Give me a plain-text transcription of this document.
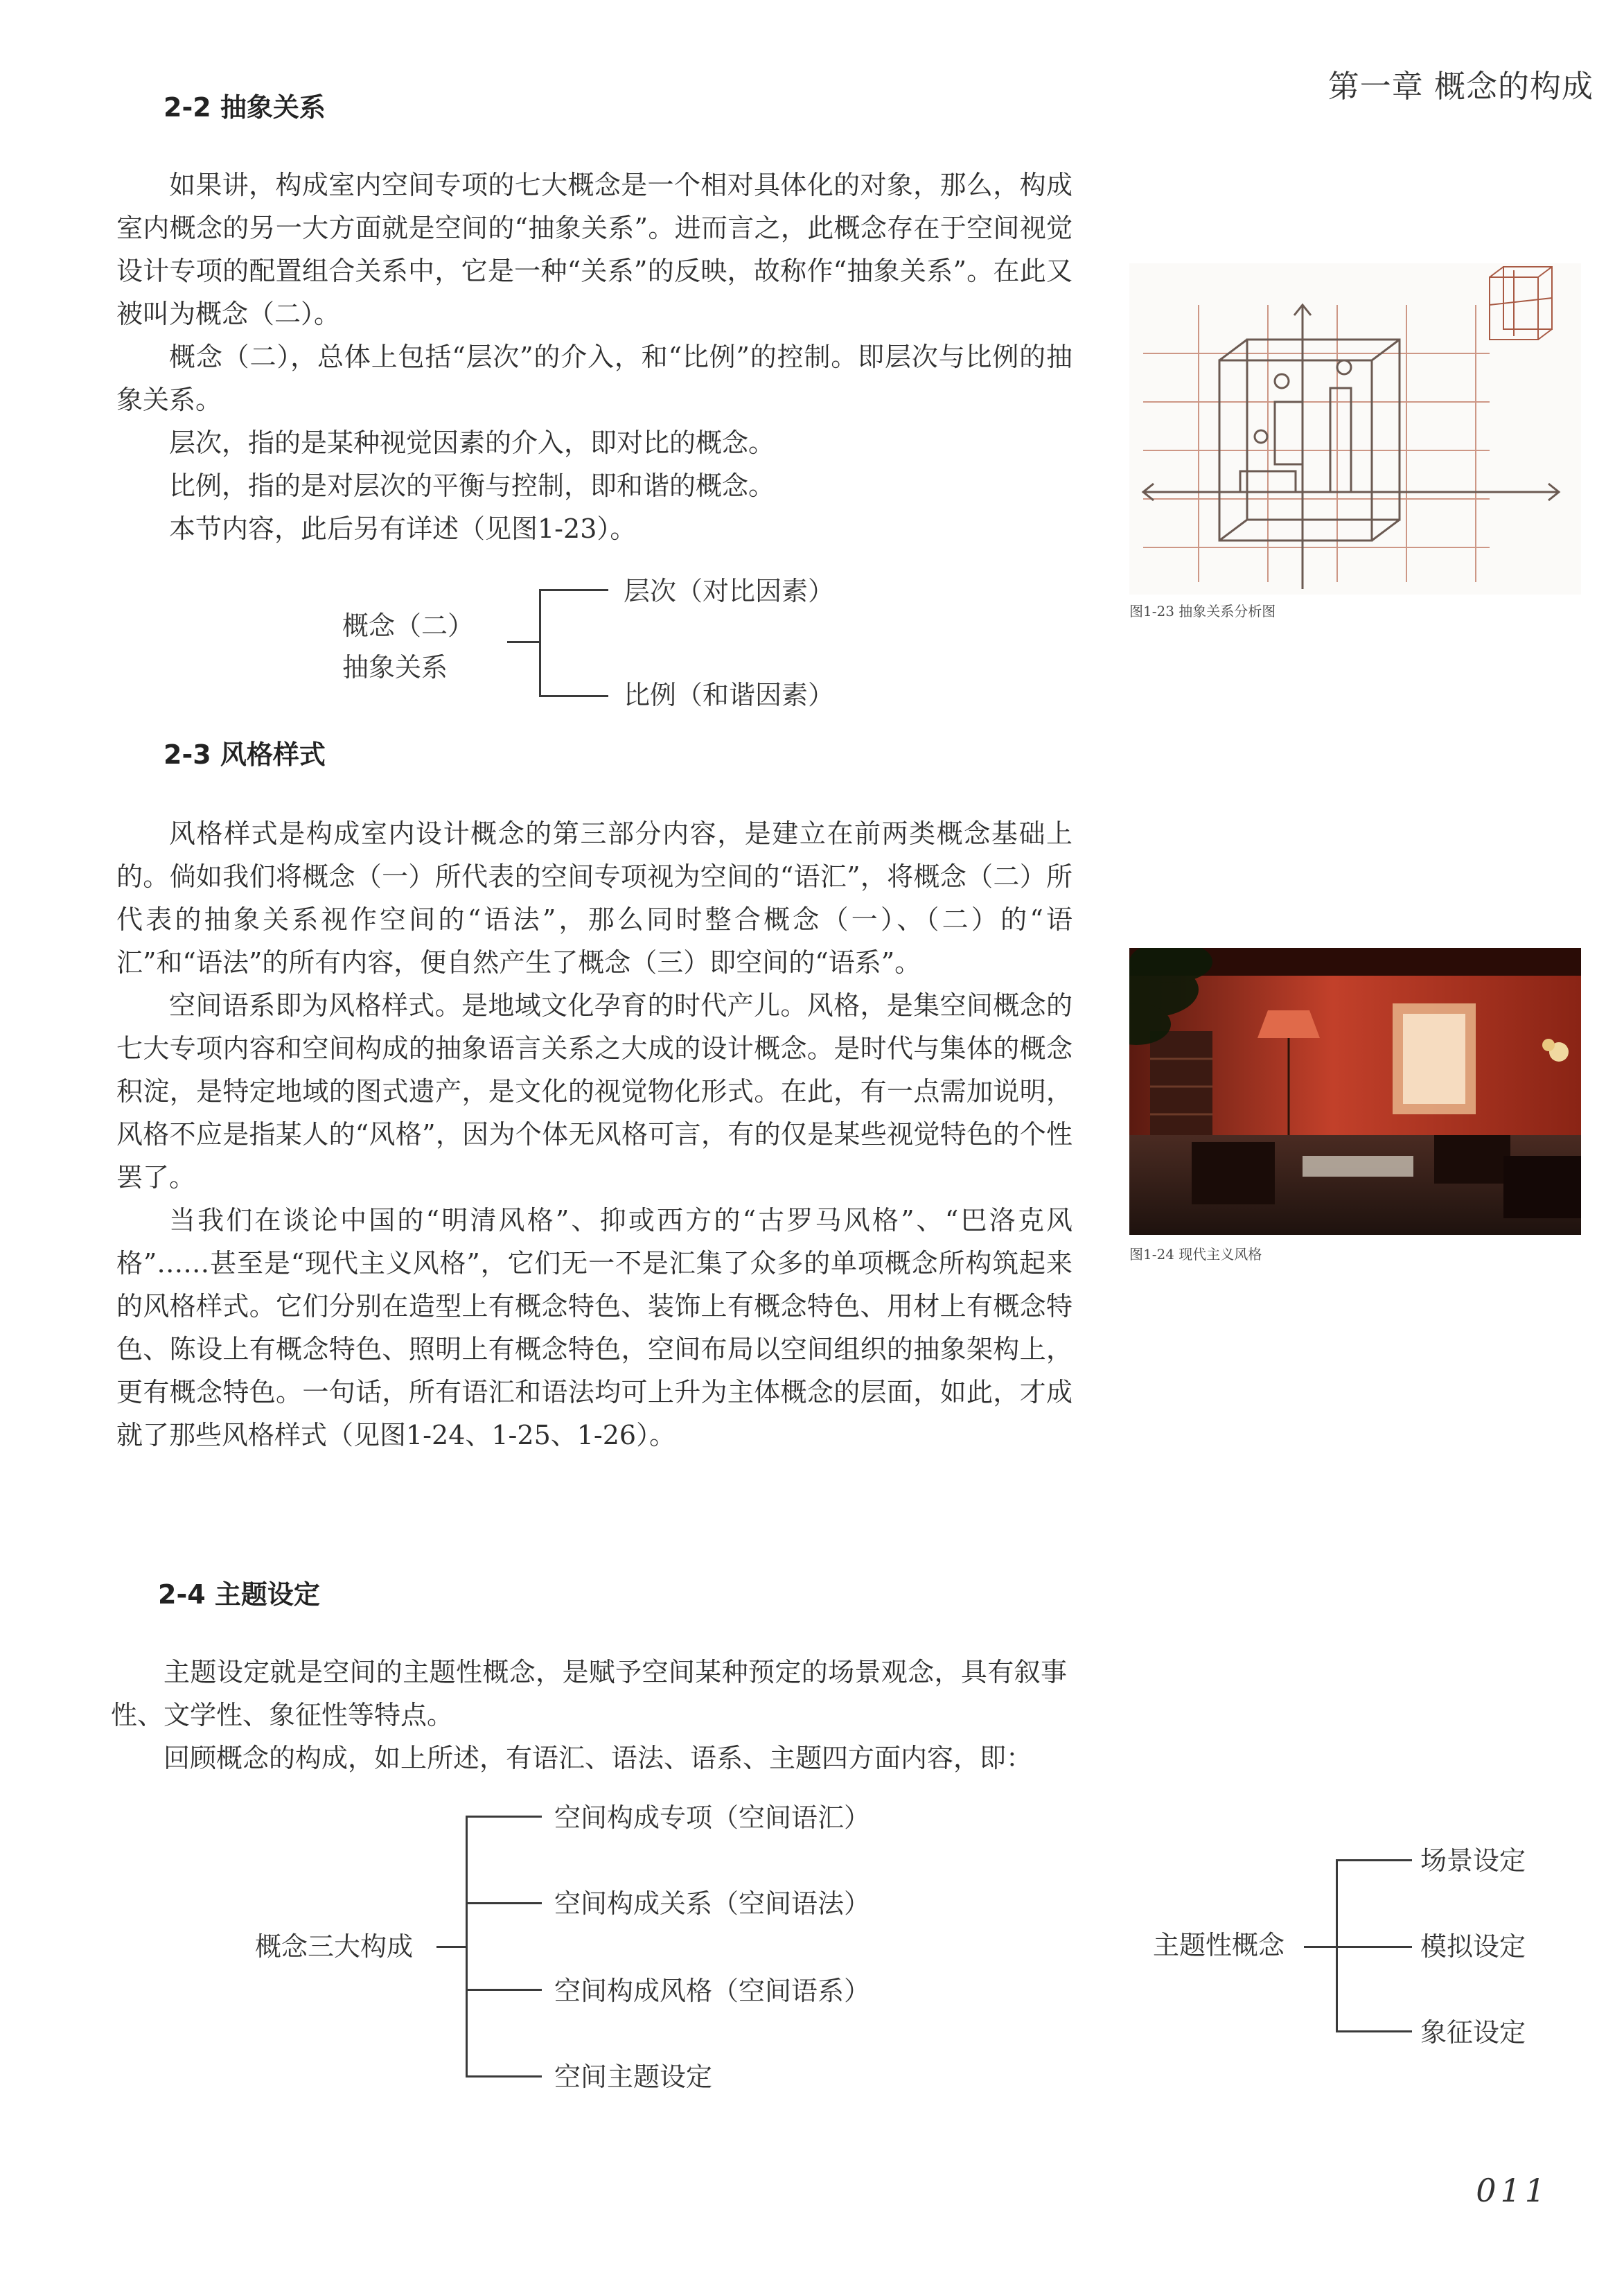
第一章 概念的构成
2-2 抽象关系

如果讲，构成室内空间专项的七大概念是一个相对具体化的对象，那么，构成室内概念的另一大方面就是空间的“抽象关系”。进而言之，此概念存在于空间视觉设计专项的配置组合关系中，它是一种“关系”的反映，故称作“抽象关系”。在此又被叫为概念（二）。

概念（二），总体上包括“层次”的介入，和“比例”的控制。即层次与比例的抽象关系。

层次，指的是某种视觉因素的介入，即对比的概念。

比例，指的是对层次的平衡与控制，即和谐的概念。

本节内容，此后另有详述（见图1-23）。

概念（二）
抽象关系
层次（对比因素）
比例（和谐因素）
图1-23 抽象关系分析图
2-3 风格样式

风格样式是构成室内设计概念的第三部分内容，是建立在前两类概念基础上的。倘如我们将概念（一）所代表的空间专项视为空间的“语汇”，将概念（二）所代表的抽象关系视作空间的“语法”，那么同时整合概念（一）、（二）的“语汇”和“语法”的所有内容，便自然产生了概念（三）即空间的“语系”。

空间语系即为风格样式。是地域文化孕育的时代产儿。风格，是集空间概念的七大专项内容和空间构成的抽象语言关系之大成的设计概念。是时代与集体的概念积淀，是特定地域的图式遗产，是文化的视觉物化形式。在此，有一点需加说明，风格不应是指某人的“风格”，因为个体无风格可言，有的仅是某些视觉特色的个性罢了。

当我们在谈论中国的“明清风格”、抑或西方的“古罗马风格”、“巴洛克风格”……甚至是“现代主义风格”，它们无一不是汇集了众多的单项概念所构筑起来的风格样式。它们分别在造型上有概念特色、装饰上有概念特色、用材上有概念特色、陈设上有概念特色、照明上有概念特色，空间布局以空间组织的抽象架构上，更有概念特色。一句话，所有语汇和语法均可上升为主体概念的层面，如此，才成就了那些风格样式（见图1-24、1-25、1-26）。

图1-24 现代主义风格
2-4 主题设定

主题设定就是空间的主题性概念，是赋予空间某种预定的场景观念，具有叙事性、文学性、象征性等特点。

回顾概念的构成，如上所述，有语汇、语法、语系、主题四方面内容，即：

概念三大构成
空间构成专项（空间语汇）
空间构成关系（空间语法）
空间构成风格（空间语系）
空间主题设定
主题性概念
场景设定
模拟设定
象征设定
011
